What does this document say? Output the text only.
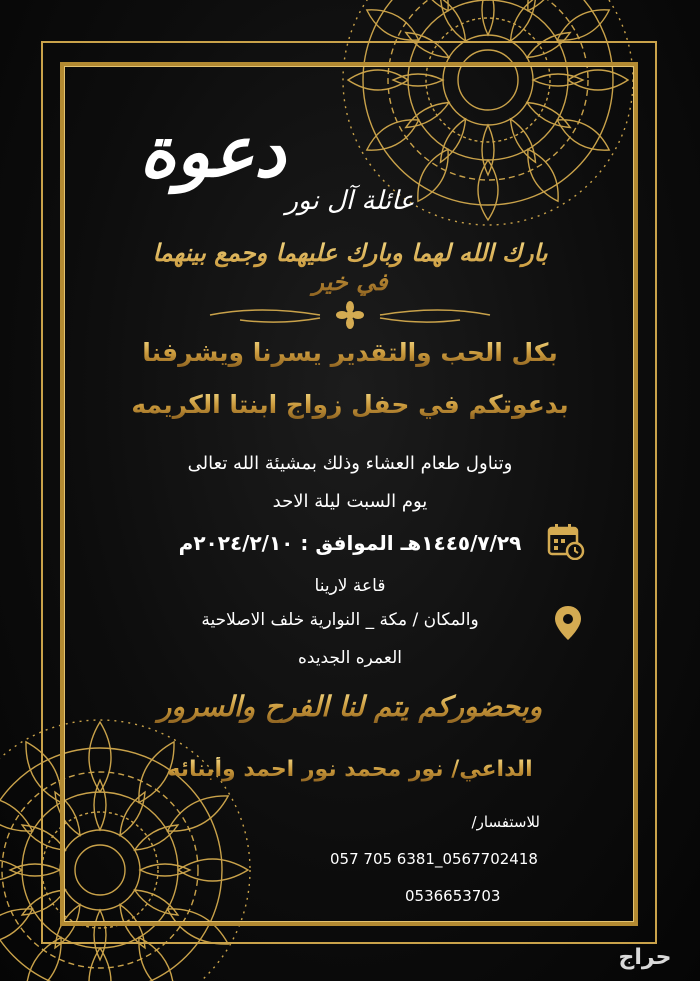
دعوة
عائلة آل نور
بارك الله لهما وبارك عليهما وجمع بينهما في خير
بكل الحب والتقدير يسرنا ويشرفنا
بدعوتكم في حفل زواج ابنتا الكريمه
وتناول طعام العشاء وذلك بمشيئة الله تعالى
يوم السبت ليلة الاحد
١٤٤٥/٧/٢٩هـ الموافق : ٢٠٢٤/٢/١٠م
قاعة لارينا
والمكان / مكة _ النوارية خلف الاصلاحية
العمره الجديده
وبحضوركم يتم لنا الفرح والسرور
الداعي/ نور محمد نور احمد وأبنائه
للاستفسار/
057 705 6381_0567702418
0536653703
حراج
